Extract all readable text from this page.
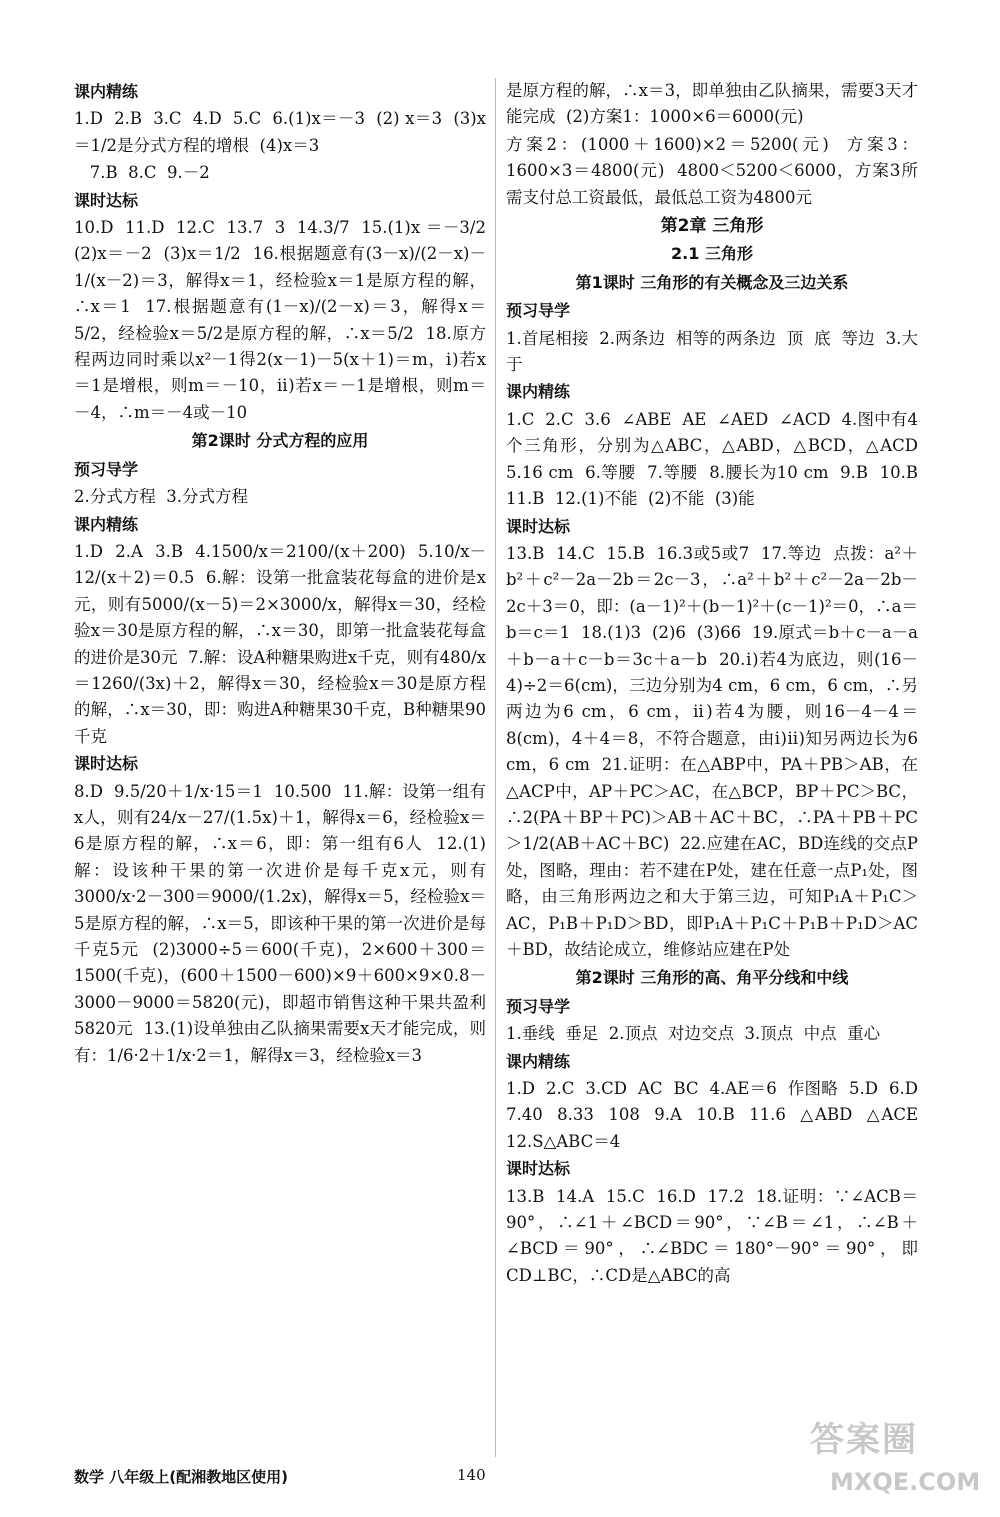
课内精练
1.D  2.B  3.C  4.D  5.C  6.(1)x＝－3  (2) x＝3  (3)x＝1/2是分式方程的增根  (4)x＝3
7.B  8.C  9.－2
课时达标
10.D  11.D  12.C  13.7  3  14.3/7  15.(1)x ＝－3/2  (2)x＝－2  (3)x＝1/2  16.根据题意有(3－x)/(2－x)－1/(x－2)＝3，解得x＝1，经检验x＝1是原方程的解，∴x＝1  17.根据题意有(1－x)/(2－x)＝3，解得x＝5/2，经检验x＝5/2是原方程的解，∴x＝5/2  18.原方程两边同时乘以x²－1得2(x－1)－5(x＋1)＝m，ⅰ)若x＝1是增根，则m＝－10，ⅱ)若x＝－1是增根，则m＝－4，∴m＝－4或－10
第2课时 分式方程的应用
预习导学
2.分式方程  3.分式方程
课内精练
1.D  2.A  3.B  4.1500/x＝2100/(x＋200)  5.10/x－12/(x＋2)＝0.5  6.解：设第一批盒装花每盒的进价是x元，则有5000/(x－5)＝2×3000/x，解得x＝30，经检验x＝30是原方程的解，∴x＝30，即第一批盒装花每盒的进价是30元  7.解：设A种糖果购进x千克，则有480/x＝1260/(3x)＋2，解得x＝30，经检验x＝30是原方程的解，∴x＝30，即：购进A种糖果30千克，B种糖果90千克
课时达标
8.D  9.5/20＋1/x·15＝1  10.500  11.解：设第一组有x人，则有24/x－27/(1.5x)＋1，解得x＝6，经检验x＝6是原方程的解，∴x＝6，即：第一组有6人  12.(1)解：设该种干果的第一次进价是每千克x元，则有3000/x·2－300＝9000/(1.2x)，解得x＝5，经检验x＝5是原方程的解，∴x＝5，即该种干果的第一次进价是每千克5元  (2)3000÷5＝600(千克)，2×600＋300＝1500(千克)，(600＋1500－600)×9＋600×9×0.8－3000－9000＝5820(元)，即超市销售这种干果共盈利5820元  13.(1)设单独由乙队摘果需要x天才能完成，则有：1/6·2＋1/x·2＝1，解得x＝3，经检验x＝3
是原方程的解，∴x＝3，即单独由乙队摘果，需要3天才能完成  (2)方案1：1000×6＝6000(元)
方案2：(1000＋1600)×2＝5200(元)  方案3：1600×3＝4800(元)  4800＜5200＜6000，方案3所需支付总工资最低，最低总工资为4800元
第2章 三角形
2.1 三角形
第1课时 三角形的有关概念及三边关系
预习导学
1.首尾相接  2.两条边  相等的两条边  顶  底  等边  3.大于
课内精练
1.C  2.C  3.6  ∠ABE  AE  ∠AED  ∠ACD  4.图中有4个三角形，分别为△ABC，△ABD，△BCD，△ACD  5.16 cm  6.等腰  7.等腰  8.腰长为10 cm  9.B  10.B  11.B  12.(1)不能  (2)不能  (3)能
课时达标
13.B  14.C  15.B  16.3或5或7  17.等边  点拨：a²＋b²＋c²－2a－2b＝2c－3，∴a²＋b²＋c²－2a－2b－2c＋3＝0，即：(a－1)²＋(b－1)²＋(c－1)²＝0，∴a＝b＝c＝1  18.(1)3  (2)6  (3)66  19.原式＝b＋c－a－a＋b－a＋c－b＝3c＋a－b  20.ⅰ)若4为底边，则(16－4)÷2＝6(cm)，三边分别为4 cm，6 cm，6 cm，∴另两边为6 cm，6 cm，ⅱ)若4为腰，则16－4－4＝8(cm)，4＋4＝8，不符合题意，由ⅰ)ⅱ)知另两边长为6 cm，6 cm  21.证明：在△ABP中，PA＋PB＞AB，在△ACP中，AP＋PC＞AC，在△BCP，BP＋PC＞BC，∴2(PA＋BP＋PC)＞AB＋AC＋BC，∴PA＋PB＋PC＞1/2(AB＋AC＋BC)  22.应建在AC，BD连线的交点P处，图略，理由：若不建在P处，建在任意一点P₁处，图略，由三角形两边之和大于第三边，可知P₁A＋P₁C＞AC，P₁B＋P₁D＞BD，即P₁A＋P₁C＋P₁B＋P₁D＞AC＋BD，故结论成立，维修站应建在P处
第2课时 三角形的高、角平分线和中线
预习导学
1.垂线  垂足  2.顶点  对边交点  3.顶点  中点  重心
课内精练
1.D  2.C  3.CD  AC  BC  4.AE＝6  作图略  5.D  6.D  7.40  8.33  108  9.A  10.B  11.6  △ABD  △ACE  12.S△ABC＝4
课时达标
13.B  14.A  15.C  16.D  17.2  18.证明：∵∠ACB＝90°，∴∠1＋∠BCD＝90°，∵∠B＝∠1，∴∠B＋∠BCD＝90°，∴∠BDC＝180°－90°＝90°，即CD⊥BC，∴CD是△ABC的高
数学 八年级上(配湘教地区使用)	140
答案圈
MXQE.COM
